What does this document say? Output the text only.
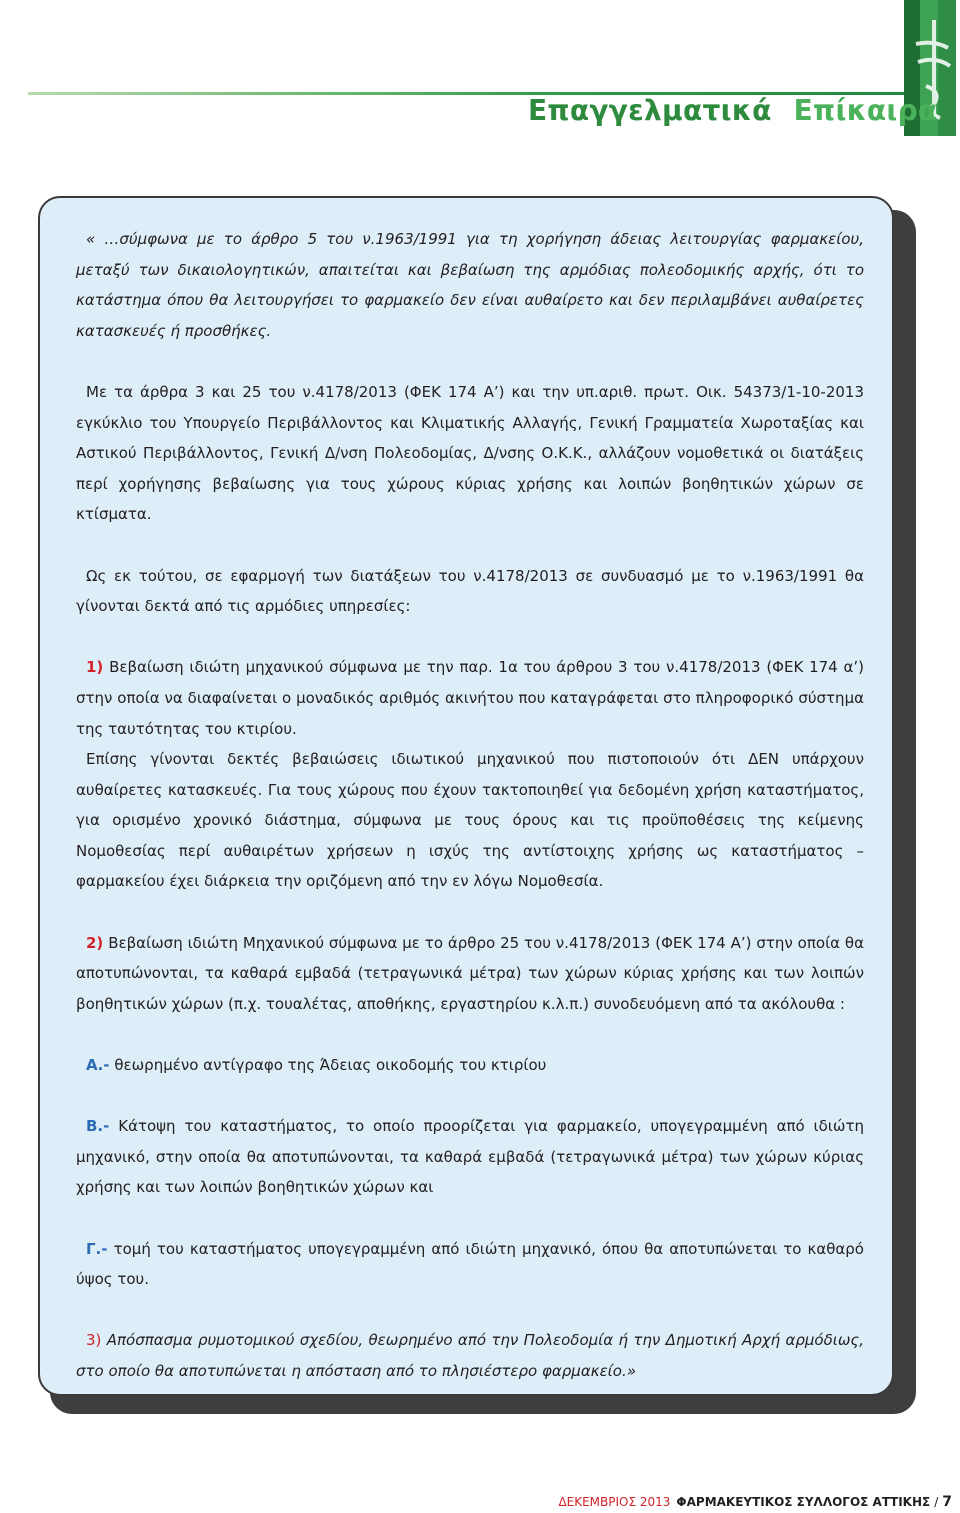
Επαγγελματικά Επίκαιρα

« …σύμφωνα με το άρθρο 5 του ν.1963/1991 για τη χορήγηση άδειας λειτουργίας φαρμακείου, μεταξύ των δικαιολογητικών, απαιτείται και βεβαίωση της αρμόδιας πολεοδομικής αρχής, ότι το κατάστημα όπου θα λειτουργήσει το φαρμακείο δεν είναι αυθαίρετο και δεν περιλαμβάνει αυθαίρετες κατασκευές ή προσθήκες.

Με τα άρθρα 3 και 25 του ν.4178/2013 (ΦΕΚ 174 Α’) και την υπ.αριθ. πρωτ. Οικ. 54373/1-10-2013 εγκύκλιο του Υπουργείο Περιβάλλοντος και Κλιματικής Αλλαγής, Γενική Γραμματεία Χωροταξίας και Αστικού Περιβάλλοντος, Γενική Δ/νση Πολεοδομίας, Δ/νσης Ο.Κ.Κ., αλλάζουν νομοθετικά οι διατάξεις περί χορήγησης βεβαίωσης για τους χώρους κύριας χρήσης και λοιπών βοηθητικών χώρων σε κτίσματα.

Ως εκ τούτου, σε εφαρμογή των διατάξεων του ν.4178/2013 σε συνδυασμό με το ν.1963/1991 θα γίνονται δεκτά από τις αρμόδιες υπηρεσίες:

1) Βεβαίωση ιδιώτη μηχανικού σύμφωνα με την παρ. 1α του άρθρου 3 του ν.4178/2013 (ΦΕΚ 174 α’) στην οποία να διαφαίνεται ο μοναδικός αριθμός ακινήτου που καταγράφεται στο πληροφορικό σύστημα της ταυτότητας του κτιρίου.

Επίσης γίνονται δεκτές βεβαιώσεις ιδιωτικού μηχανικού που πιστοποιούν ότι ΔΕΝ υπάρχουν αυθαίρετες κατασκευές. Για τους χώρους που έχουν τακτοποιηθεί για δεδομένη χρήση καταστήματος, για ορισμένο χρονικό διάστημα, σύμφωνα με τους όρους και τις προϋποθέσεις της κείμενης Νομοθεσίας περί αυθαιρέτων χρήσεων η ισχύς της αντίστοιχης χρήσης ως καταστήματος – φαρμακείου έχει διάρκεια την οριζόμενη από την εν λόγω Νομοθεσία.

2) Βεβαίωση ιδιώτη Μηχανικού σύμφωνα με το άρθρο 25 του ν.4178/2013 (ΦΕΚ 174 Α’) στην οποία θα αποτυπώνονται, τα καθαρά εμβαδά (τετραγωνικά μέτρα) των χώρων κύριας χρήσης και των λοιπών βοηθητικών χώρων (π.χ. τουαλέτας, αποθήκης, εργαστηρίου κ.λ.π.) συνοδευόμενη από τα ακόλουθα :

Α.- θεωρημένο αντίγραφο της Άδειας οικοδομής του κτιρίου

Β.- Κάτοψη του καταστήματος, το οποίο προορίζεται για φαρμακείο, υπογεγραμμένη από ιδιώτη μηχανικό, στην οποία θα αποτυπώνονται, τα καθαρά εμβαδά (τετραγωνικά μέτρα) των χώρων κύριας χρήσης και των λοιπών βοηθητικών χώρων και

Γ.- τομή του καταστήματος υπογεγραμμένη από ιδιώτη μηχανικό, όπου θα αποτυπώνεται το καθαρό ύψος του.

3) Απόσπασμα ρυμοτομικού σχεδίου, θεωρημένο από την Πολεοδομία ή την Δημοτική Αρχή αρμόδιως, στο οποίο θα αποτυπώνεται η απόσταση από το πλησιέστερο φαρμακείο.»

ΔΕΚΕΜΒΡΙΟΣ 2013 ΦΑΡΜΑΚΕΥΤΙΚΟΣ ΣΥΛΛΟΓΟΣ ΑΤΤΙΚΗΣ / 7
